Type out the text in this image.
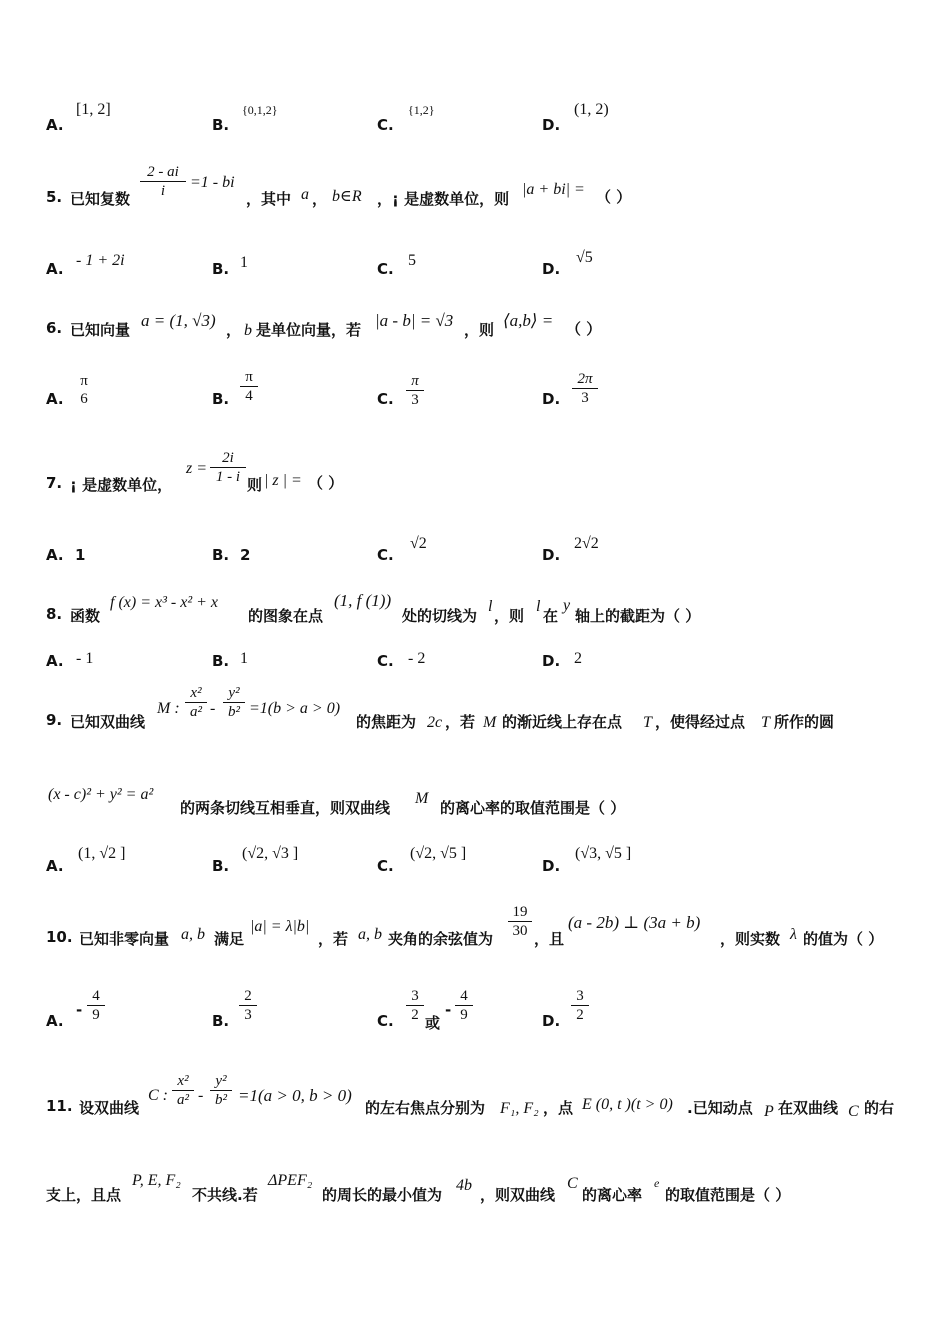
A.
[1, 2]
B.
{0,1,2}
C.
{1,2}
D.
(1, 2)
5. 已知复数 $\frac{2 - ai}{i} =1$ - bi
，其中 a ， b∈R ，¡ 是虚数单位，则
|a + bi| = （ ）
A. - 1 + 2i	B. 1	C. 5	D.
√5
6. 已知向量 a = (1, √3) ， b 是单位向量，若 |a - b| = √3 ，则 ⟨a,b⟩ = （ ）
A.
π
6	B. $\frac{\pi}{4}$	C. $\frac{\pi}{3}$	D. $\frac{2\pi}{3}$
7. ¡ 是虚数单位，
$z = \frac{2i}{1 - i}$ 则 | z | = （ ）
A. 1	B. 2	C.
√2
D.
2√2
8. 函数
f (x) = x³ - x² + x
的图象在点
(1, f (1))
处的切线为
l
，则
l
在
y
轴上的截距为（ ）
A. - 1	B. 1	C. - 2	D. 2
9. 已知双曲线
M : $\frac{\text{x²}}{\text{a²}} - \frac{\text{y²}}{\text{b²}} =1(b > a > 0)$
的焦距为 2c ，若 M 的渐近线上存在点 T ，使得经过点 T 所作的圆
(x - c)² + y² = a²
的两条切线互相垂直，则双曲线
M
的离心率的取值范围是（ ）
A.
(1, √2 ]
B.
(√2, √3 ]
C.
(√2, √5 ]
D.
(√3, √5 ]
10. 已知非零向量 a, b 满足
|a| = λ|b|
，若 a, b 夹角的余弦值为 $\frac{19}{30}$ ，且
(a - 2b) ⊥ (3a + b)
，则实数 λ 的值为（ ）
A.
- $\frac{4}{9}$	B. $\frac{2}{3}$	C. $\frac{3}{2}$ 或
- $\frac{4}{9}$	D. $\frac{3}{2}$
11. 设双曲线
C : $\frac{\text{x²}}{\text{a²}} - \frac{\text{y²}}{\text{b²}} =1(a > 0$, b > 0)
的左右焦点分别为 F₁, F₂ ，点 E (0, t )(t > 0) .已知动点 P 在双曲线 C 的右
支上，且点
P, E, F₂
不共线.若
ΔPEF₂
的周长的最小值为
4b
，则双曲线
C
的离心率
e
的取值范围是（ ）
